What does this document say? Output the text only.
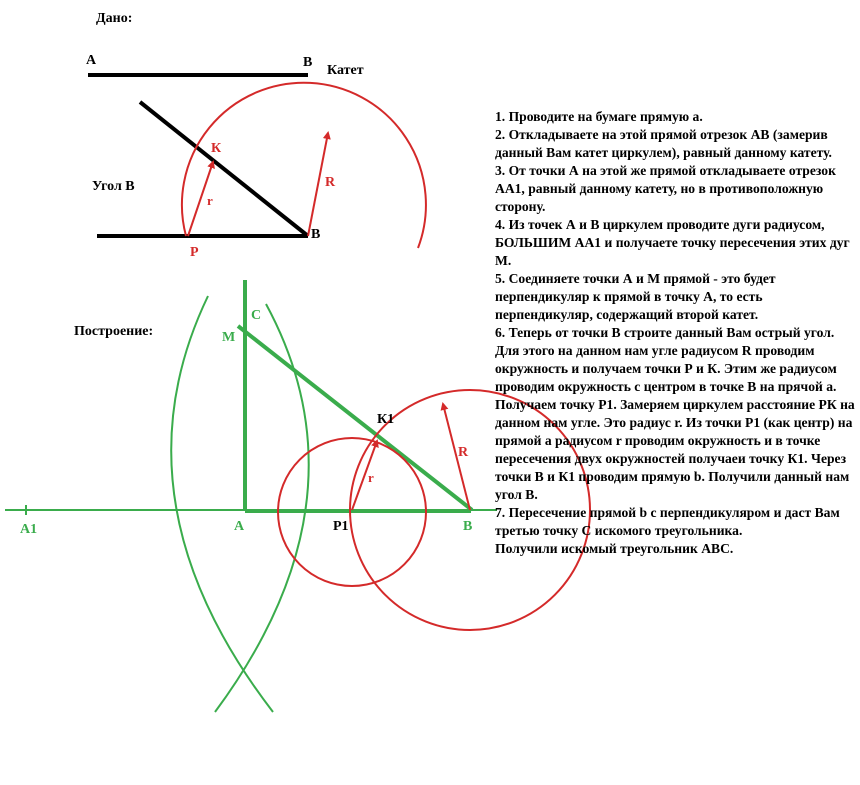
Дано:
А	В
Катет
Угол В
В
К
Р
R
r
Построение:
А1	А	Р1	В
К1
С
М
R
r

1. Проводите на бумаге прямую а.

2. Откладываете на этой прямой отрезок АВ (замерив данный Вам катет циркулем), равный данному катету.

3. От точки А на этой же прямой откладываете отрезок АА1, равный данному катету, но в противоположную сторону.

4. Из точек А и В циркулем проводите дуги радиусом, БОЛЬШИМ АА1 и получаете точку пересечения этих дуг М.

5. Соединяете точки А и М прямой - это будет перпендикуляр к прямой в точку А, то есть перпендикуляр, содержащий второй катет.

6. Теперь от точки В строите данный Вам острый угол. Для этого на данном нам угле радиусом R проводим окружность и получаем точки Р и К. Этим же радиусом проводим окружность с центром в точке В на прячой а. Получаем точку Р1. Замеряем циркулем расстояние РК на данном нам угле. Это радиус r. Из точки Р1 (как центр) на прямой а радиусом r проводим окружность и в точке пересечения двух окружностей получаеи точку К1. Через точки В и К1 проводим прямую b. Получили данный нам угол В.

7. Пересечение прямой b с перпендикуляром и даст Вам третью точку С искомого треугольника.

Получили искомый треугольник АВС.
